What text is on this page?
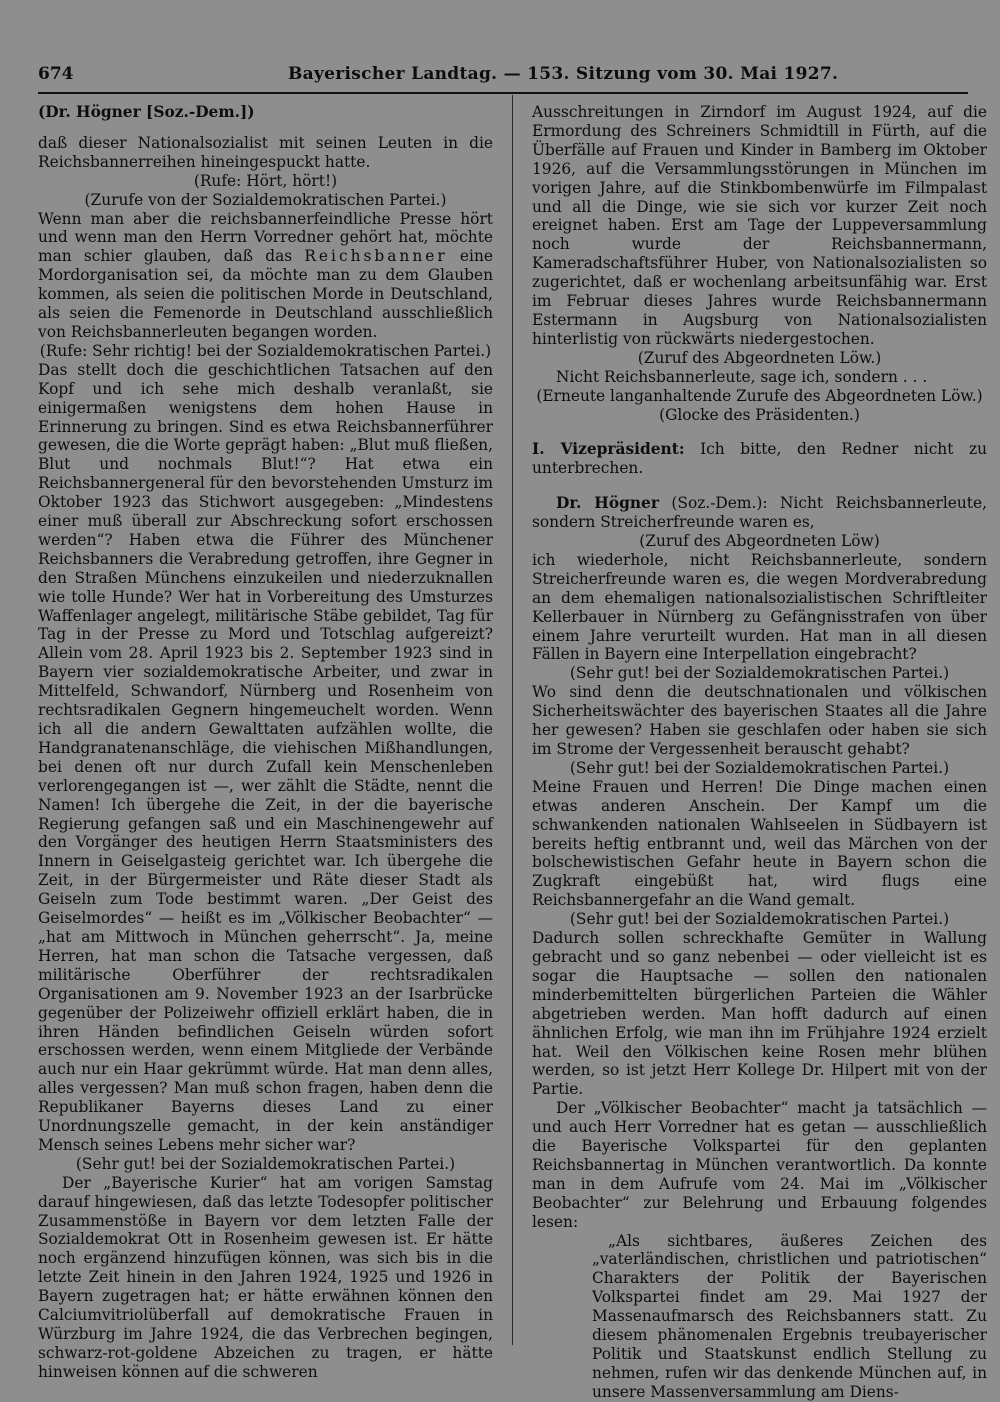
674	Bayerischer Landtag. — 153. Sitzung vom 30. Mai 1927.

(Dr. Högner [Soz.-Dem.])

daß dieser Nationalsozialist mit seinen Leuten in die Reichsbannerreihen hineingespuckt hatte.

(Rufe: Hört, hört!)

(Zurufe von der Sozialdemokratischen Partei.)

Wenn man aber die reichsbannerfeindliche Presse hört und wenn man den Herrn Vorredner gehört hat, möchte man schier glauben, daß das Reichsbanner eine Mordorganisation sei, da möchte man zu dem Glauben kommen, als seien die politischen Morde in Deutschland, als seien die Femenorde in Deutschland ausschließlich von Reichsbannerleuten begangen worden.

(Rufe: Sehr richtig! bei der Sozialdemokratischen Partei.)

Das stellt doch die geschichtlichen Tatsachen auf den Kopf und ich sehe mich deshalb veranlaßt, sie einigermaßen wenigstens dem hohen Hause in Erinnerung zu bringen. Sind es etwa Reichsbannerführer gewesen, die die Worte geprägt haben: „Blut muß fließen, Blut und nochmals Blut!“? Hat etwa ein Reichsbannergeneral für den bevorstehenden Umsturz im Oktober 1923 das Stichwort ausgegeben: „Mindestens einer muß überall zur Abschreckung sofort erschossen werden“? Haben etwa die Führer des Münchener Reichsbanners die Verabredung getroffen, ihre Gegner in den Straßen Münchens einzukeilen und niederzuknallen wie tolle Hunde? Wer hat in Vorbereitung des Umsturzes Waffenlager angelegt, militärische Stäbe gebildet, Tag für Tag in der Presse zu Mord und Totschlag aufgereizt? Allein vom 28. April 1923 bis 2. September 1923 sind in Bayern vier sozialdemokratische Arbeiter, und zwar in Mittelfeld, Schwandorf, Nürnberg und Rosenheim von rechtsradikalen Gegnern hingemeuchelt worden. Wenn ich all die andern Gewalttaten aufzählen wollte, die Handgranatenanschläge, die viehischen Mißhandlungen, bei denen oft nur durch Zufall kein Menschenleben verlorengegangen ist —, wer zählt die Städte, nennt die Namen! Ich übergehe die Zeit, in der die bayerische Regierung gefangen saß und ein Maschinengewehr auf den Vorgänger des heutigen Herrn Staatsministers des Innern in Geiselgasteig gerichtet war. Ich übergehe die Zeit, in der Bürgermeister und Räte dieser Stadt als Geiseln zum Tode bestimmt waren. „Der Geist des Geiselmordes“ — heißt es im „Völkischer Beobachter“ — „hat am Mittwoch in München geherrscht“. Ja, meine Herren, hat man schon die Tatsache vergessen, daß militärische Oberführer der rechtsradikalen Organisationen am 9. November 1923 an der Isarbrücke gegenüber der Polizeiwehr offiziell erklärt haben, die in ihren Händen befindlichen Geiseln würden sofort erschossen werden, wenn einem Mitgliede der Verbände auch nur ein Haar gekrümmt würde. Hat man denn alles, alles vergessen? Man muß schon fragen, haben denn die Republikaner Bayerns dieses Land zu einer Unordnungszelle gemacht, in der kein anständiger Mensch seines Lebens mehr sicher war?

(Sehr gut! bei der Sozialdemokratischen Partei.)

Der „Bayerische Kurier“ hat am vorigen Samstag darauf hingewiesen, daß das letzte Todesopfer politischer Zusammenstöße in Bayern vor dem letzten Falle der Sozialdemokrat Ott in Rosenheim gewesen ist. Er hätte noch ergänzend hinzufügen können, was sich bis in die letzte Zeit hinein in den Jahren 1924, 1925 und 1926 in Bayern zugetragen hat; er hätte erwähnen können den Calciumvitriolüberfall auf demokratische Frauen in Würzburg im Jahre 1924, die das Verbrechen begingen, schwarz-rot-goldene Abzeichen zu tragen, er hätte hinweisen können auf die schweren

Ausschreitungen in Zirndorf im August 1924, auf die Ermordung des Schreiners Schmidtill in Fürth, auf die Überfälle auf Frauen und Kinder in Bamberg im Oktober 1926, auf die Versammlungsstörungen in München im vorigen Jahre, auf die Stinkbombenwürfe im Filmpalast und all die Dinge, wie sie sich vor kurzer Zeit noch ereignet haben. Erst am Tage der Luppeversammlung noch wurde der Reichsbannermann, Kameradschaftsführer Huber, von Nationalsozialisten so zugerichtet, daß er wochenlang arbeitsunfähig war. Erst im Februar dieses Jahres wurde Reichsbannermann Estermann in Augsburg von Nationalsozialisten hinterlistig von rückwärts niedergestochen.

(Zuruf des Abgeordneten Löw.)

Nicht Reichsbannerleute, sage ich, sondern . . .

(Erneute langanhaltende Zurufe des Abgeordneten Löw.)

(Glocke des Präsidenten.)

I. Vizepräsident: Ich bitte, den Redner nicht zu unterbrechen.

Dr. Högner (Soz.-Dem.): Nicht Reichsbannerleute, sondern Streicherfreunde waren es,

(Zuruf des Abgeordneten Löw)

ich wiederhole, nicht Reichsbannerleute, sondern Streicherfreunde waren es, die wegen Mordverabredung an dem ehemaligen nationalsozialistischen Schriftleiter Kellerbauer in Nürnberg zu Gefängnisstrafen von über einem Jahre verurteilt wurden. Hat man in all diesen Fällen in Bayern eine Interpellation eingebracht?

(Sehr gut! bei der Sozialdemokratischen Partei.)

Wo sind denn die deutschnationalen und völkischen Sicherheitswächter des bayerischen Staates all die Jahre her gewesen? Haben sie geschlafen oder haben sie sich im Strome der Vergessenheit berauscht gehabt?

(Sehr gut! bei der Sozialdemokratischen Partei.)

Meine Frauen und Herren! Die Dinge machen einen etwas anderen Anschein. Der Kampf um die schwankenden nationalen Wahlseelen in Südbayern ist bereits heftig entbrannt und, weil das Märchen von der bolschewistischen Gefahr heute in Bayern schon die Zugkraft eingebüßt hat, wird flugs eine Reichsbannergefahr an die Wand gemalt.

(Sehr gut! bei der Sozialdemokratischen Partei.)

Dadurch sollen schreckhafte Gemüter in Wallung gebracht und so ganz nebenbei — oder vielleicht ist es sogar die Hauptsache — sollen den nationalen minderbemittelten bürgerlichen Parteien die Wähler abgetrieben werden. Man hofft dadurch auf einen ähnlichen Erfolg, wie man ihn im Frühjahre 1924 erzielt hat. Weil den Völkischen keine Rosen mehr blühen werden, so ist jetzt Herr Kollege Dr. Hilpert mit von der Partie.

Der „Völkischer Beobachter“ macht ja tatsächlich — und auch Herr Vorredner hat es getan — ausschließlich die Bayerische Volkspartei für den geplanten Reichsbannertag in München verantwortlich. Da konnte man in dem Aufrufe vom 24. Mai im „Völkischer Beobachter“ zur Belehrung und Erbauung folgendes lesen:

„Als sichtbares, äußeres Zeichen des „vaterländischen, christlichen und patriotischen“ Charakters der Politik der Bayerischen Volkspartei findet am 29. Mai 1927 der Massenaufmarsch des Reichsbanners statt. Zu diesem phänomenalen Ergebnis treubayerischer Politik und Staatskunst endlich Stellung zu nehmen, rufen wir das denkende München auf, in unsere Massenversammlung am Diens-
